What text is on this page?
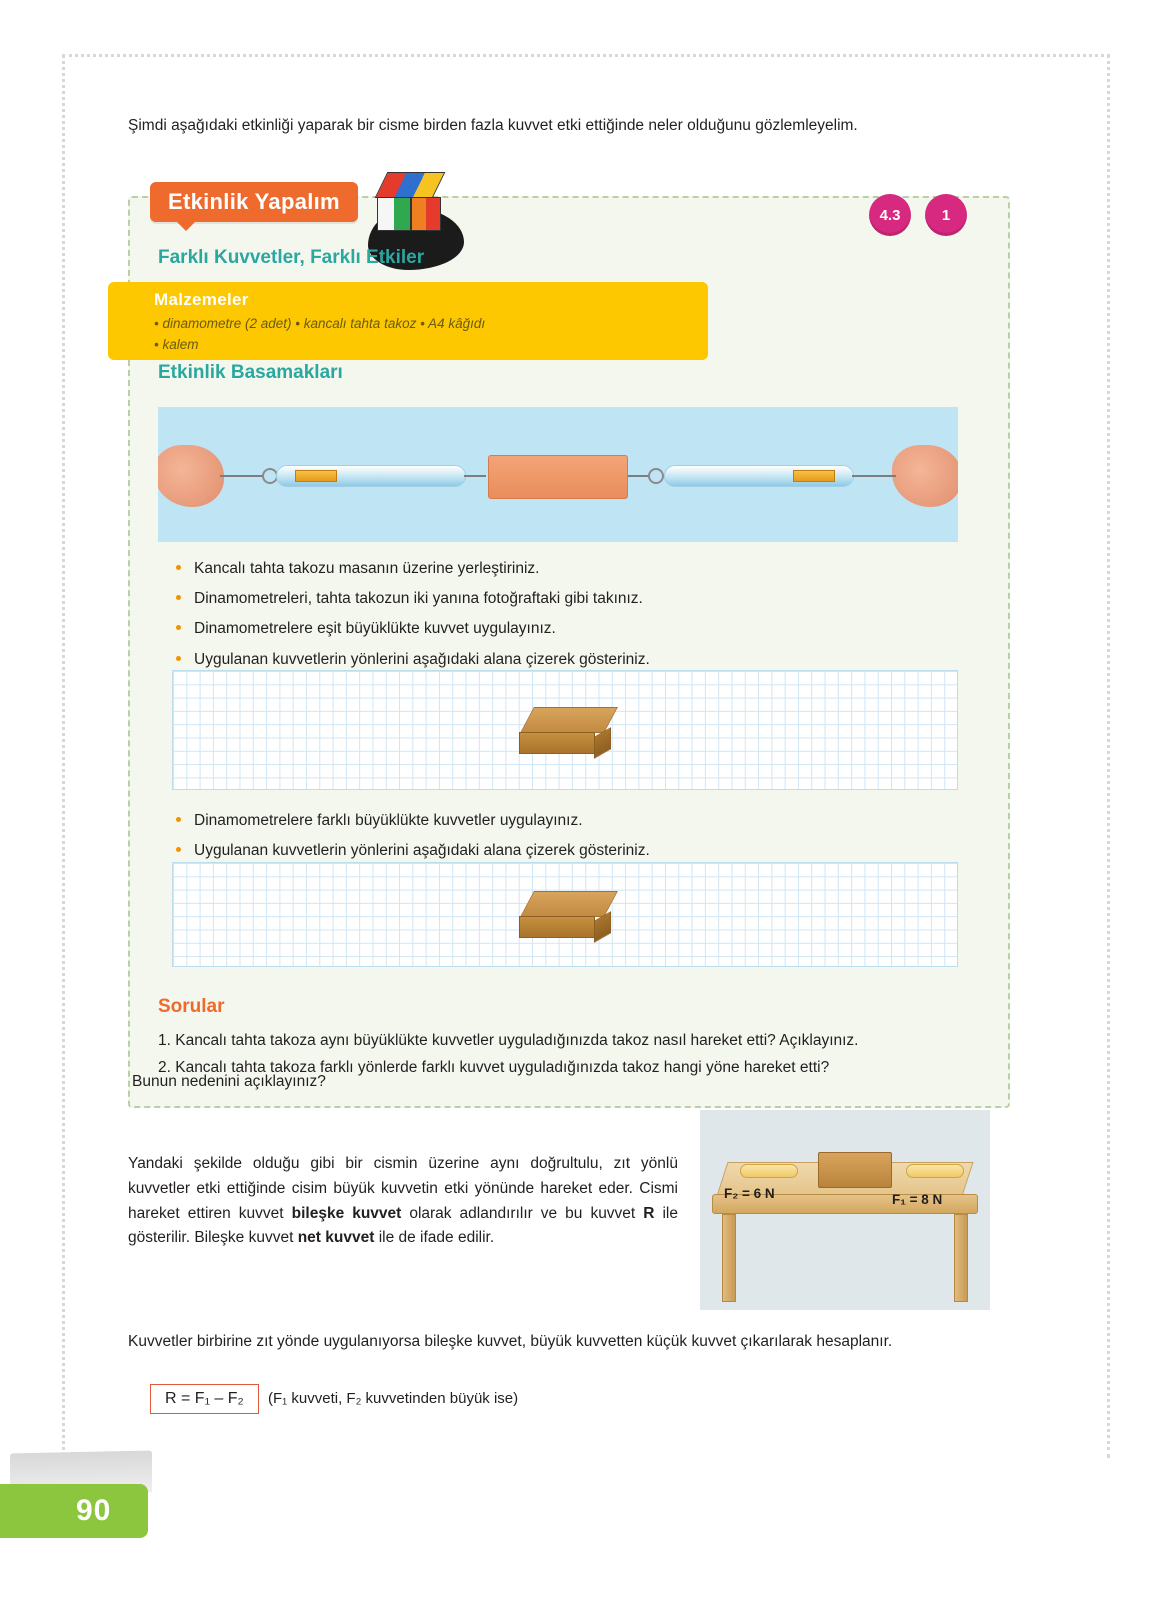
Şimdi aşağıdaki etkinliği yaparak bir cisme birden fazla kuvvet etki ettiğinde neler olduğunu gözlemleyelim.
Etkinlik Yapalım
4.3	1
Farklı Kuvvetler, Farklı Etkiler
Malzemeler
• dinamometre (2 adet) • kancalı tahta takoz • A4 kâğıdı
• kalem
Etkinlik Basamakları
Kancalı tahta takozu masanın üzerine yerleştiriniz.
Dinamometreleri, tahta takozun iki yanına fotoğraftaki gibi takınız.
Dinamometrelere eşit büyüklükte kuvvet uygulayınız.
Uygulanan kuvvetlerin yönlerini aşağıdaki alana çizerek gösteriniz.
Dinamometrelere farklı büyüklükte kuvvetler uygulayınız.
Uygulanan kuvvetlerin yönlerini aşağıdaki alana çizerek gösteriniz.
Sorular
1. Kancalı tahta takoza aynı büyüklükte kuvvetler uyguladığınızda takoz nasıl hareket etti? Açıklayınız.
2. Kancalı tahta takoza farklı yönlerde farklı kuvvet uyguladığınızda takoz hangi yöne hareket etti?
Bunun nedenini açıklayınız?
F₂ = 6 N	F₁ = 8 N
Yandaki şekilde olduğu gibi bir cismin üzerine aynı doğrultulu, zıt yönlü kuvvetler etki ettiğinde cisim büyük kuvvetin etki yönünde hareket eder. Cismi hareket ettiren kuvvet bileşke kuvvet olarak adlandırılır ve bu kuvvet R ile gösterilir. Bileşke kuvvet net kuvvet ile de ifade edilir.
Kuvvetler birbirine zıt yönde uygulanıyorsa bileşke kuvvet, büyük kuvvetten küçük kuvvet çıkarılarak hesaplanır.
R = F₁ – F₂	(F₁ kuvveti, F₂ kuvvetinden büyük ise)
90
